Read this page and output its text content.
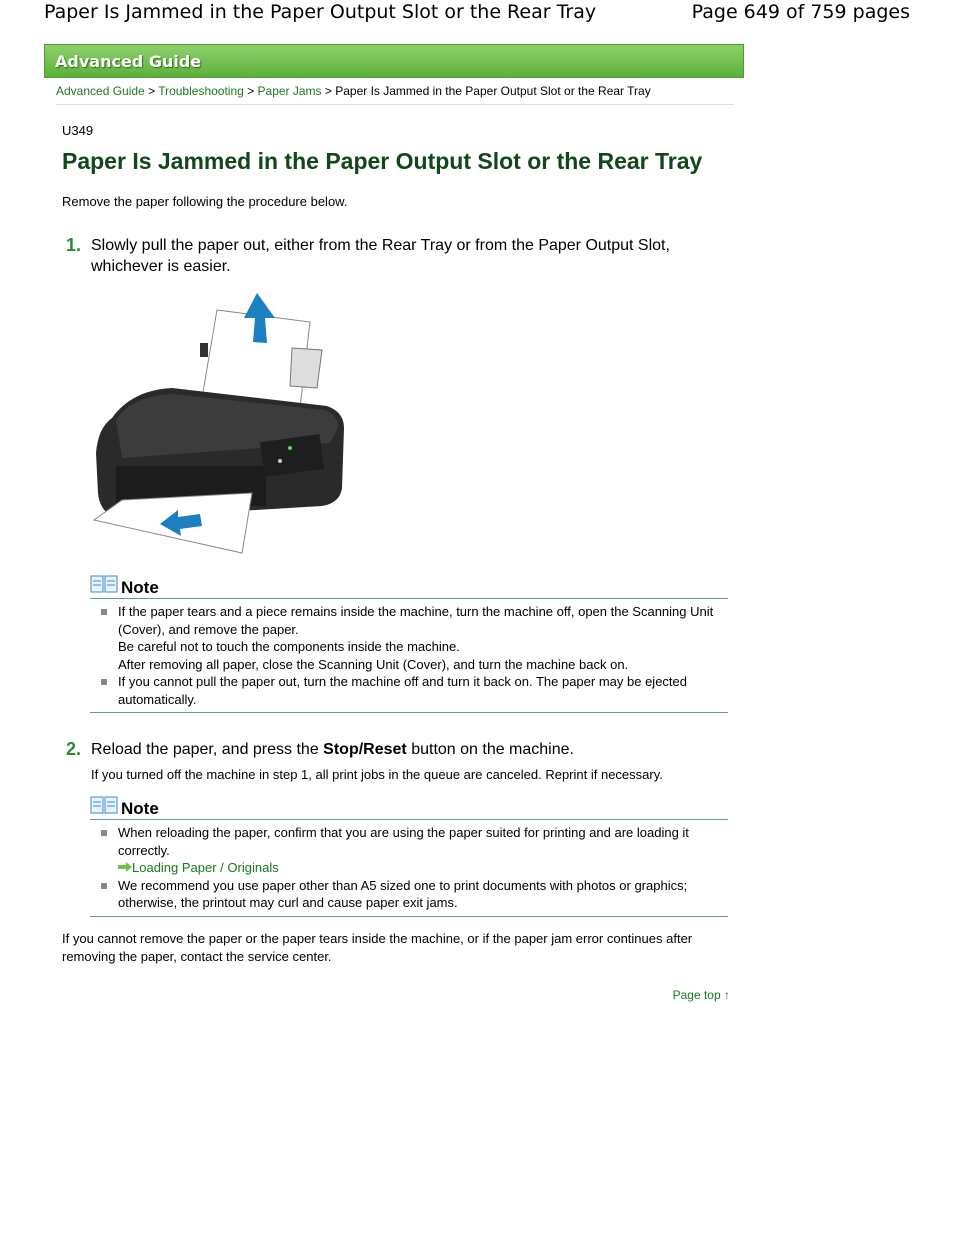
Paper Is Jammed in the Paper Output Slot or the Rear Tray	Page 649 of 759 pages
Advanced Guide
Advanced Guide > Troubleshooting > Paper Jams > Paper Is Jammed in the Paper Output Slot or the Rear Tray
U349
Paper Is Jammed in the Paper Output Slot or the Rear Tray
Remove the paper following the procedure below.
1. Slowly pull the paper out, either from the Rear Tray or from the Paper Output Slot, whichever is easier.
Note
If the paper tears and a piece remains inside the machine, turn the machine off, open the Scanning Unit (Cover), and remove the paper.
Be careful not to touch the components inside the machine.
After removing all paper, close the Scanning Unit (Cover), and turn the machine back on.
If you cannot pull the paper out, turn the machine off and turn it back on. The paper may be ejected automatically.
2. Reload the paper, and press the Stop/Reset button on the machine.
If you turned off the machine in step 1, all print jobs in the queue are canceled. Reprint if necessary.
Note
When reloading the paper, confirm that you are using the paper suited for printing and are loading it correctly.
Loading Paper / Originals
We recommend you use paper other than A5 sized one to print documents with photos or graphics; otherwise, the printout may curl and cause paper exit jams.
If you cannot remove the paper or the paper tears inside the machine, or if the paper jam error continues after removing the paper, contact the service center.
Page top ↑
